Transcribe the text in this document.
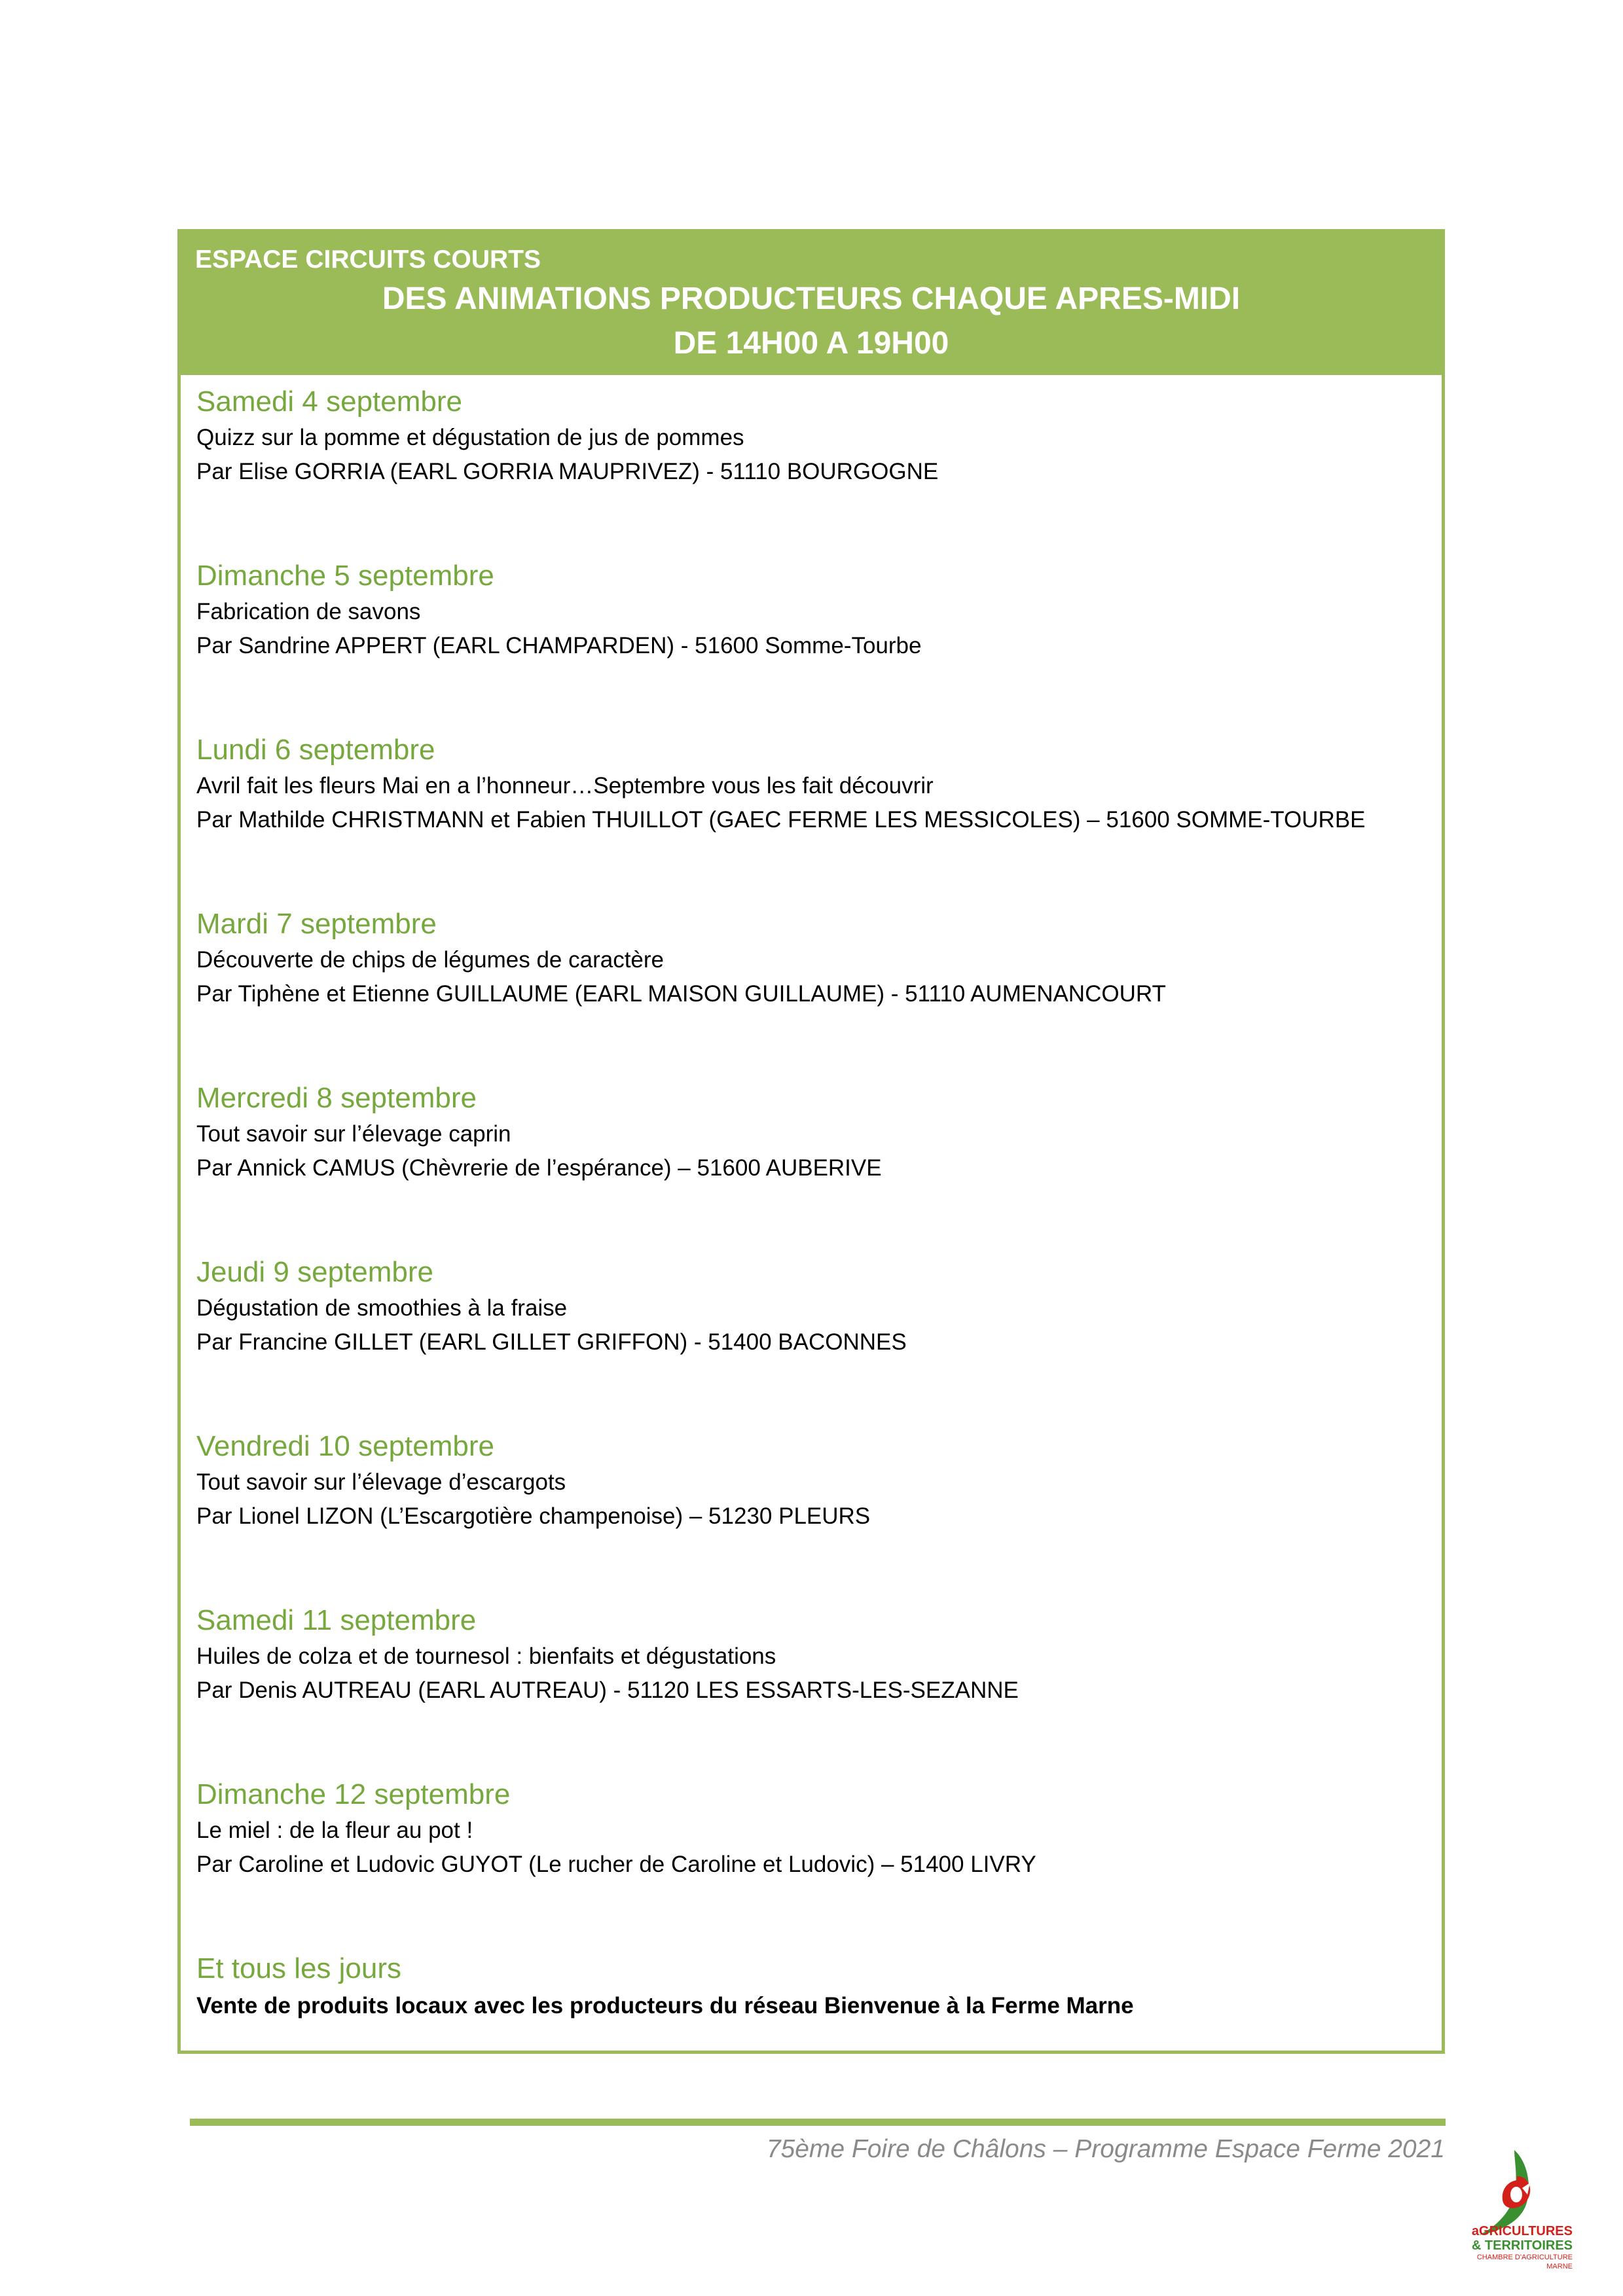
ESPACE CIRCUITS COURTS
DES ANIMATIONS PRODUCTEURS CHAQUE APRES-MIDI
DE 14H00 A 19H00
Samedi 4 septembre
Quizz sur la pomme et dégustation de jus de pommes
Par Elise GORRIA (EARL GORRIA MAUPRIVEZ) - 51110 BOURGOGNE
Dimanche 5 septembre
Fabrication de savons
Par Sandrine APPERT (EARL CHAMPARDEN) - 51600 Somme-Tourbe
Lundi 6 septembre
Avril fait les fleurs Mai en a l’honneur…Septembre vous les fait découvrir
Par Mathilde CHRISTMANN et Fabien THUILLOT (GAEC FERME LES MESSICOLES) – 51600 SOMME-TOURBE
Mardi 7 septembre
Découverte de chips de légumes de caractère
Par Tiphène et Etienne GUILLAUME (EARL MAISON GUILLAUME) - 51110 AUMENANCOURT
Mercredi 8 septembre
Tout savoir sur l’élevage caprin
Par Annick CAMUS (Chèvrerie de l’espérance) – 51600 AUBERIVE
Jeudi 9 septembre
Dégustation de smoothies à la fraise
Par Francine GILLET (EARL GILLET GRIFFON) - 51400 BACONNES
Vendredi 10 septembre
Tout savoir sur l’élevage d’escargots
Par Lionel LIZON (L’Escargotière champenoise) – 51230 PLEURS
Samedi 11 septembre
Huiles de colza et de tournesol : bienfaits et dégustations
Par Denis AUTREAU (EARL AUTREAU) - 51120 LES ESSARTS-LES-SEZANNE
Dimanche 12 septembre
Le miel : de la fleur au pot !
Par Caroline et Ludovic GUYOT (Le rucher de Caroline et Ludovic) – 51400 LIVRY
Et tous les jours
Vente de produits locaux avec les producteurs du réseau Bienvenue à la Ferme Marne
75ème Foire de Châlons – Programme Espace Ferme 2021
aGRICULTURES
& TERRITOIRES
CHAMBRE D'AGRICULTURE
MARNE
